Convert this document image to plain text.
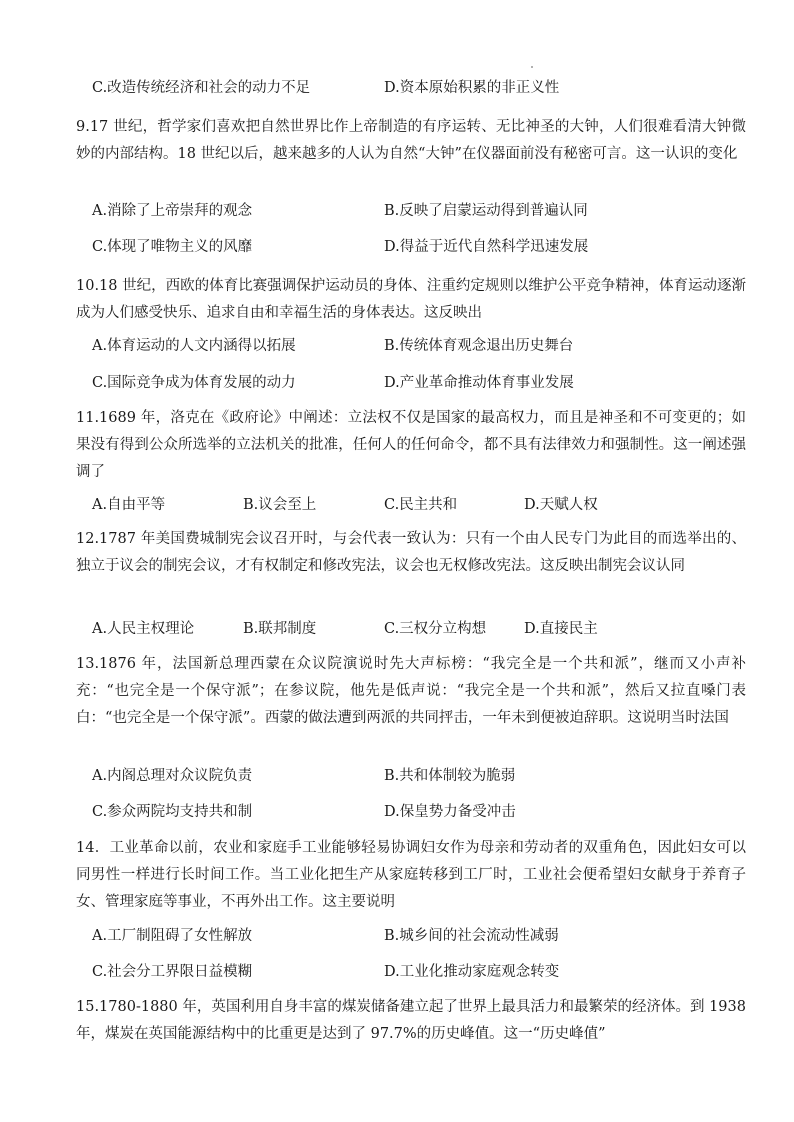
C.改造传统经济和社会的动力不足	D.资本原始积累的非正义性
9.17 世纪，哲学家们喜欢把自然世界比作上帝制造的有序运转、无比神圣的大钟，人们很难看清大钟微妙的内部结构。18 世纪以后，越来越多的人认为自然“大钟”在仪器面前没有秘密可言。这一认识的变化
A.消除了上帝崇拜的观念	B.反映了启蒙运动得到普遍认同
C.体现了唯物主义的风靡	D.得益于近代自然科学迅速发展
10.18 世纪，西欧的体育比赛强调保护运动员的身体、注重约定规则以维护公平竞争精神，体育运动逐渐成为人们感受快乐、追求自由和幸福生活的身体表达。这反映出
A.体育运动的人文内涵得以拓展	B.传统体育观念退出历史舞台
C.国际竞争成为体育发展的动力	D.产业革命推动体育事业发展
11.1689 年，洛克在《政府论》中阐述：立法权不仅是国家的最高权力，而且是神圣和不可变更的；如果没有得到公众所选举的立法机关的批准，任何人的任何命令，都不具有法律效力和强制性。这一阐述强调了
A.自由平等	B.议会至上	C.民主共和	D.天赋人权
12.1787 年美国费城制宪会议召开时，与会代表一致认为：只有一个由人民专门为此目的而选举出的、独立于议会的制宪会议，才有权制定和修改宪法，议会也无权修改宪法。这反映出制宪会议认同
A.人民主权理论	B.联邦制度	C.三权分立构想	D.直接民主
13.1876 年，法国新总理西蒙在众议院演说时先大声标榜：“我完全是一个共和派”，继而又小声补充：“也完全是一个保守派”；在参议院，他先是低声说：“我完全是一个共和派”，然后又拉直嗓门表白：“也完全是一个保守派”。西蒙的做法遭到两派的共同抨击，一年未到便被迫辞职。这说明当时法国
A.内阁总理对众议院负责	B.共和体制较为脆弱
C.参众两院均支持共和制	D.保皇势力备受冲击
14．工业革命以前，农业和家庭手工业能够轻易协调妇女作为母亲和劳动者的双重角色，因此妇女可以同男性一样进行长时间工作。当工业化把生产从家庭转移到工厂时，工业社会便希望妇女献身于养育子女、管理家庭等事业，不再外出工作。这主要说明
A.工厂制阻碍了女性解放	B.城乡间的社会流动性减弱
C.社会分工界限日益模糊	D.工业化推动家庭观念转变
15.1780-1880 年，英国利用自身丰富的煤炭储备建立起了世界上最具活力和最繁荣的经济体。到 1938 年，煤炭在英国能源结构中的比重更是达到了 97.7%的历史峰值。这一“历史峰值”
